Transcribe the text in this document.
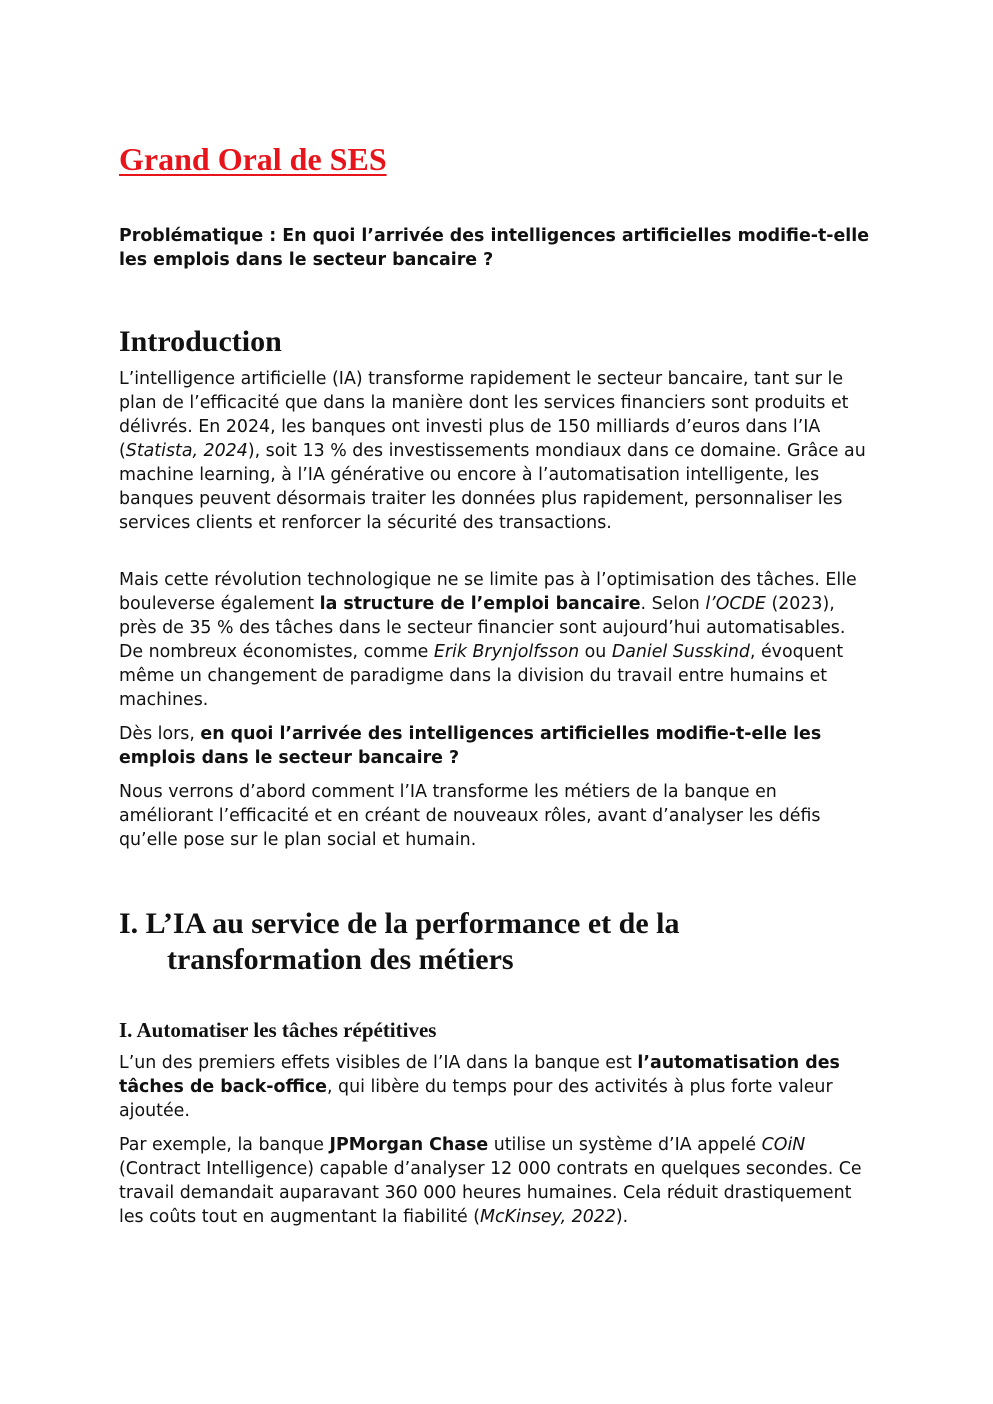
Grand Oral de SES

Problématique : En quoi l’arrivée des intelligences artificielles modifie-t-elle les emplois dans le secteur bancaire ?

Introduction

L’intelligence artificielle (IA) transforme rapidement le secteur bancaire, tant sur le plan de l’efficacité que dans la manière dont les services financiers sont produits et délivrés. En 2024, les banques ont investi plus de 150 milliards d’euros dans l’IA (Statista, 2024), soit 13 % des investissements mondiaux dans ce domaine. Grâce au machine learning, à l’IA générative ou encore à l’automatisation intelligente, les banques peuvent désormais traiter les données plus rapidement, personnaliser les services clients et renforcer la sécurité des transactions.

Mais cette révolution technologique ne se limite pas à l’optimisation des tâches. Elle bouleverse également la structure de l’emploi bancaire. Selon l’OCDE (2023), près de 35 % des tâches dans le secteur financier sont aujourd’hui automatisables. De nombreux économistes, comme Erik Brynjolfsson ou Daniel Susskind, évoquent même un changement de paradigme dans la division du travail entre humains et machines.

Dès lors, en quoi l’arrivée des intelligences artificielles modifie-t-elle les emplois dans le secteur bancaire ?

Nous verrons d’abord comment l’IA transforme les métiers de la banque en améliorant l’efficacité et en créant de nouveaux rôles, avant d’analyser les défis qu’elle pose sur le plan social et humain.

I. L’IA au service de la performance et de la
transformation des métiers
I. Automatiser les tâches répétitives

L’un des premiers effets visibles de l’IA dans la banque est l’automatisation des tâches de back-office, qui libère du temps pour des activités à plus forte valeur ajoutée.

Par exemple, la banque JPMorgan Chase utilise un système d’IA appelé COiN (Contract Intelligence) capable d’analyser 12 000 contrats en quelques secondes. Ce travail demandait auparavant 360 000 heures humaines. Cela réduit drastiquement les coûts tout en augmentant la fiabilité (McKinsey, 2022).
